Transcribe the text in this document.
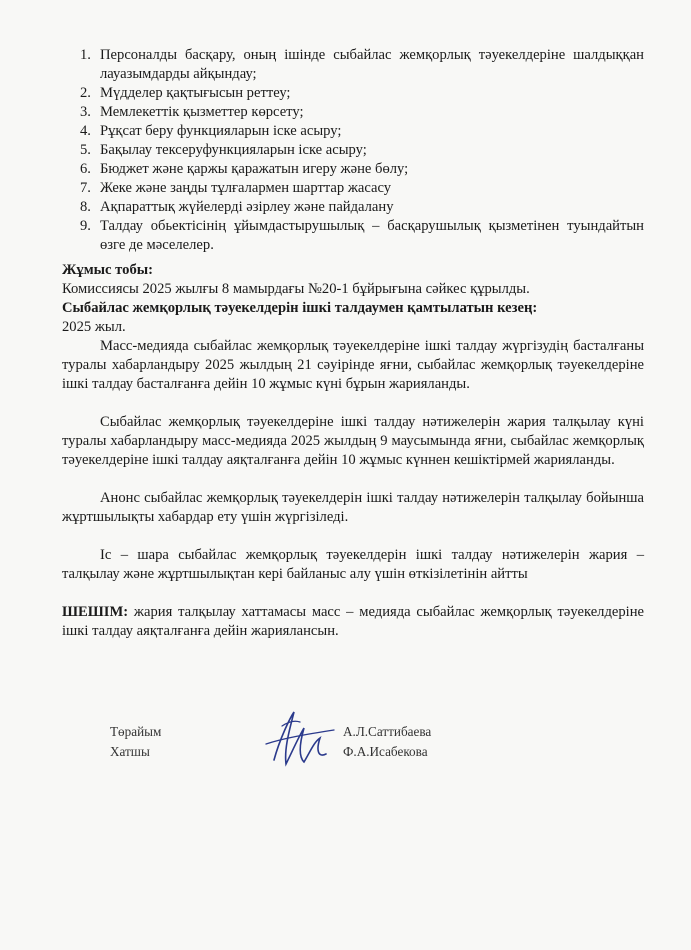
1. Персоналды басқару, оның ішінде сыбайлас жемқорлық тәуекелдеріне шалдыққан лауазымдарды айқындау;
2. Мүдделер қақтығысын реттеу;
3. Мемлекеттік қызметтер көрсету;
4. Рұқсат беру функцияларын іске асыру;
5. Бақылау тексеруфункцияларын іске асыру;
6. Бюджет және қаржы қаражатын игеру және бөлу;
7. Жеке және заңды тұлғалармен шарттар жасасу
8. Ақпараттық жүйелерді әзірлеу және пайдалану
9. Талдау обьектісінің ұйымдастырушылық – басқарушылық қызметінен туындайтын өзге де мәселелер.

Жұмыс тобы:

Комиссиясы 2025 жылғы 8 мамырдағы №20-1 бұйрығына сәйкес құрылды.

Сыбайлас жемқорлық тәуекелдерін ішкі талдаумен қамтылатын кезең:

2025 жыл.

Масс-медияда сыбайлас жемқорлық тәуекелдеріне ішкі талдау жүргізудің басталғаны туралы хабарландыру 2025 жылдың 21 сәуірінде яғни, сыбайлас жемқорлық тәуекелдеріне ішкі талдау басталғанға дейін 10 жұмыс күні бұрын жарияланды.

Сыбайлас жемқорлық тәуекелдеріне ішкі талдау нәтижелерін жария талқылау күні туралы хабарландыру масс-медияда 2025 жылдың 9 маусымында яғни, сыбайлас жемқорлық тәуекелдеріне ішкі талдау аяқталғанға дейін 10 жұмыс күннен кешіктірмей жарияланды.

Анонс сыбайлас жемқорлық тәуекелдерін ішкі талдау нәтижелерін талқылау бойынша жұртшылықты хабардар ету үшін жүргізіледі.

Іс – шара сыбайлас жемқорлық тәуекелдерін ішкі талдау нәтижелерін жария – талқылау және жұртшылықтан кері байланыс алу үшін өткізілетінін айтты

ШЕШІМ: жария талқылау хаттамасы масс – медияда сыбайлас жемқорлық тәуекелдеріне ішкі талдау аяқталғанға дейін жариялансын.

Төрайым
Хатшы
А.Л.Саттибаева
Ф.А.Исабекова
